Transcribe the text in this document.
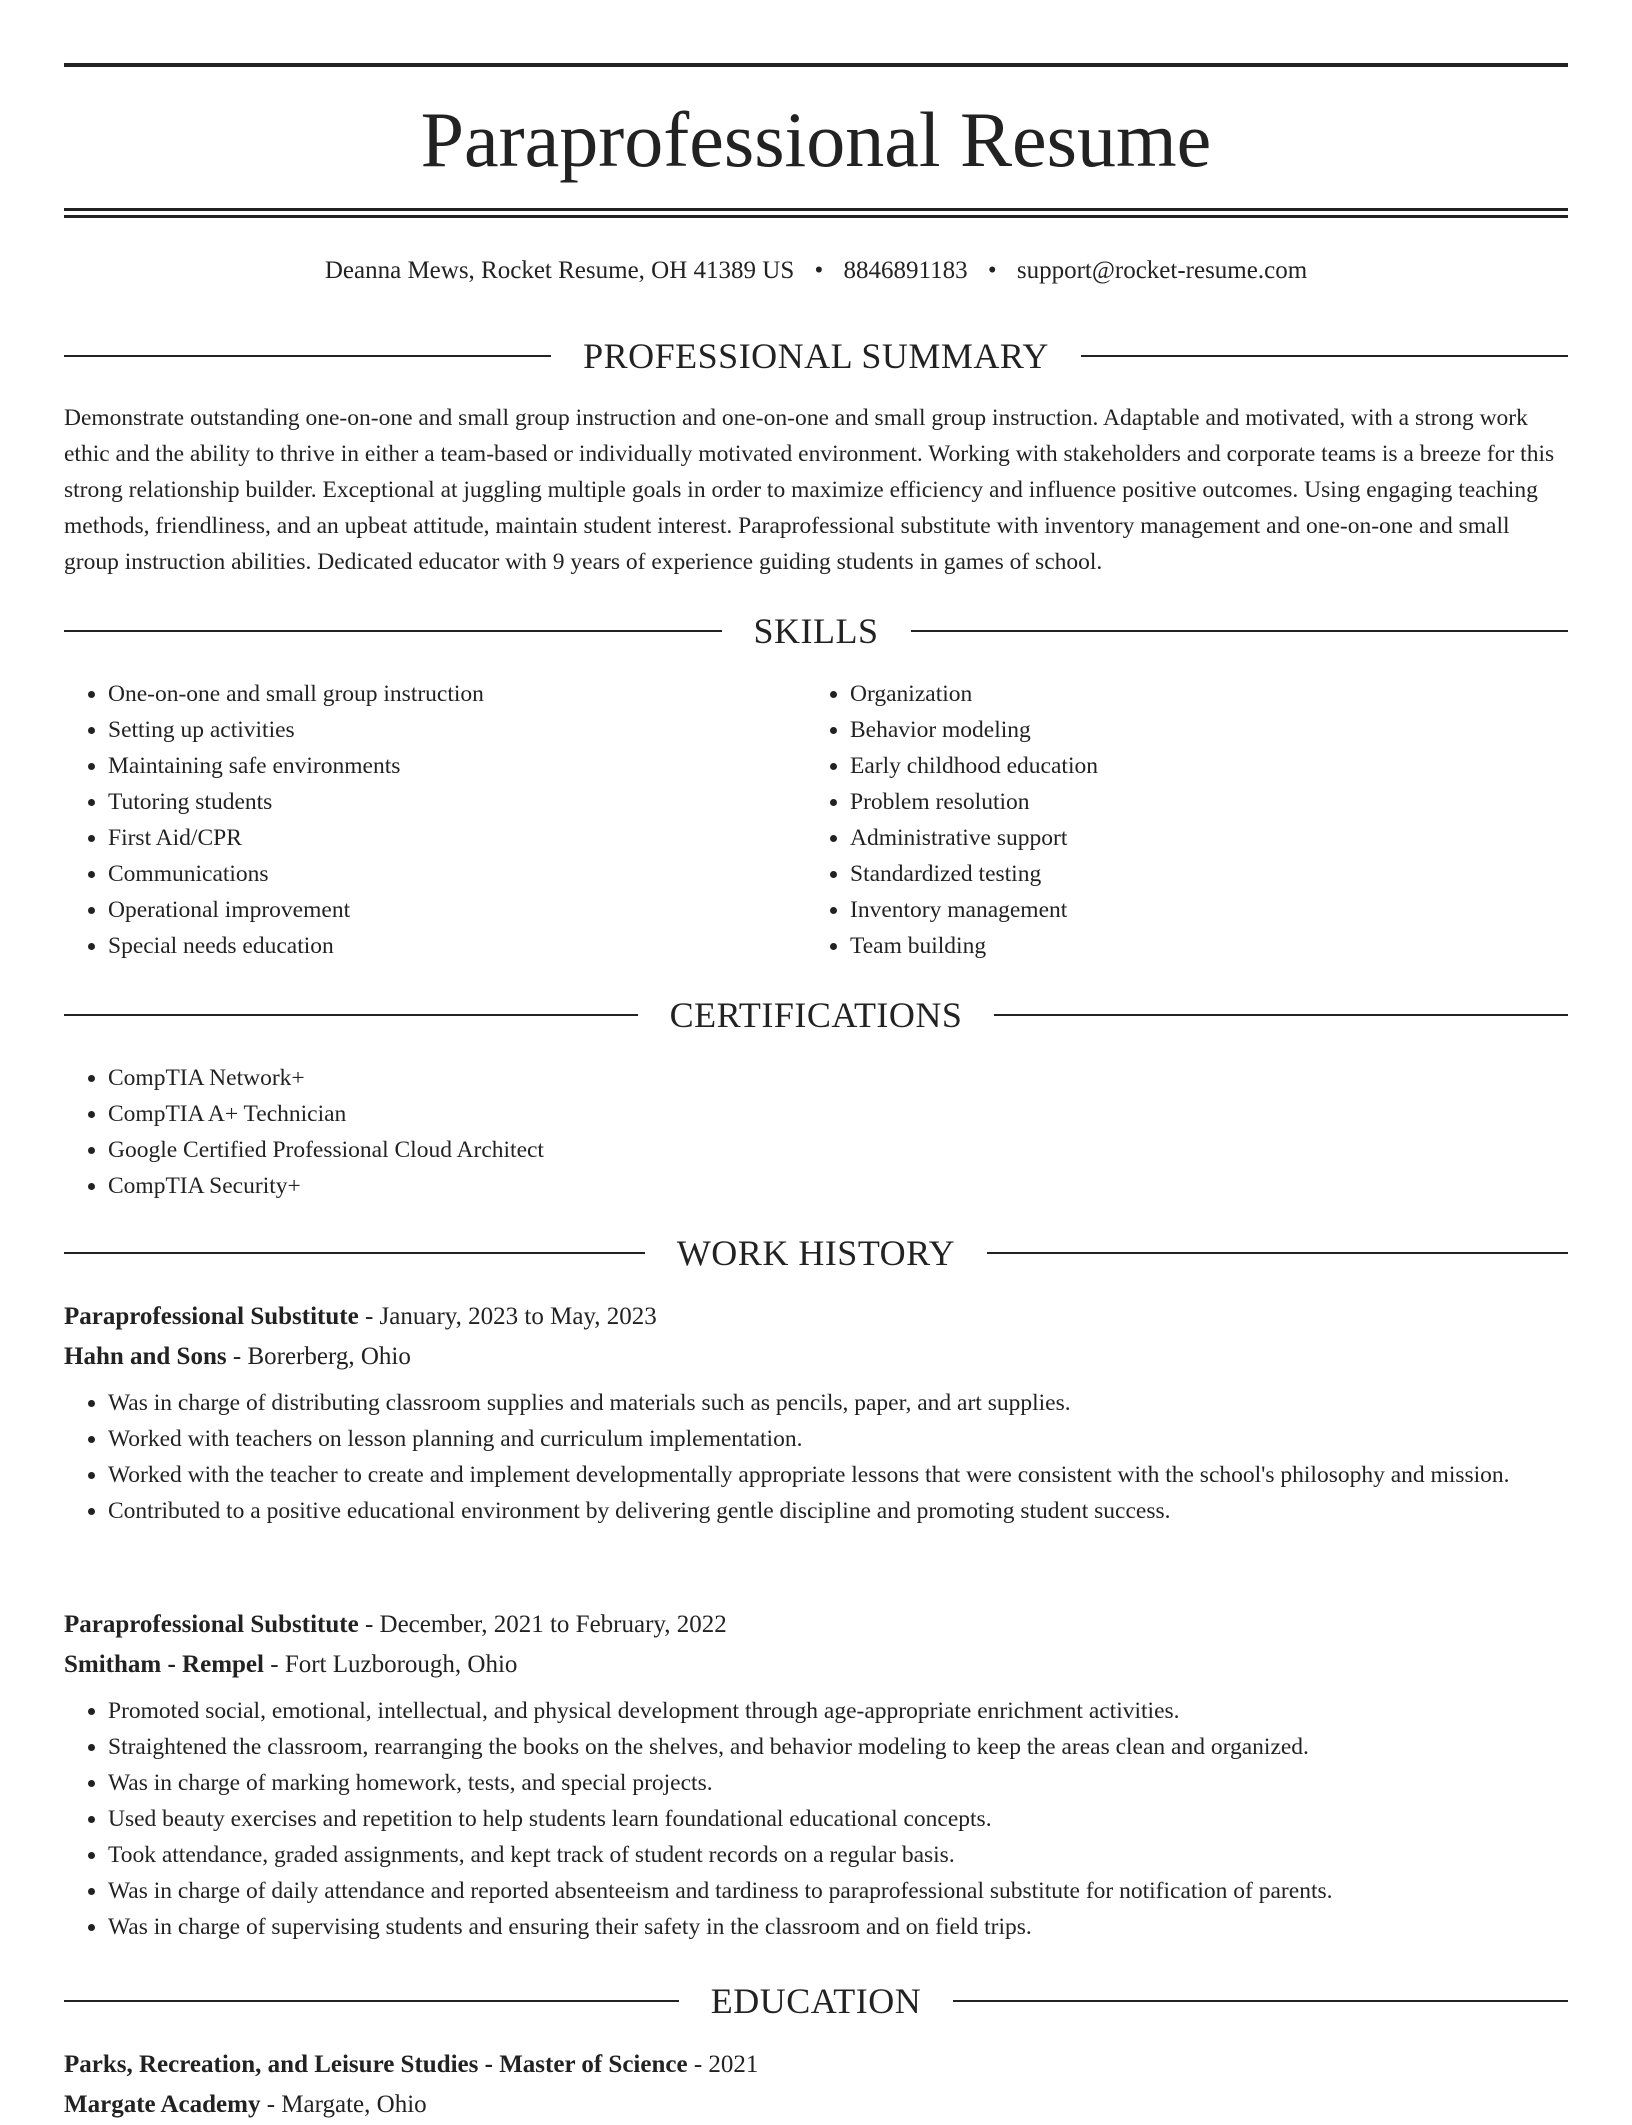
Paraprofessional Resume
Deanna Mews, Rocket Resume, OH 41389 US • 8846891183 • support@rocket-resume.com
PROFESSIONAL SUMMARY

Demonstrate outstanding one-on-one and small group instruction and one-on-one and small group instruction. Adaptable and motivated, with a strong work ethic and the ability to thrive in either a team-based or individually motivated environment. Working with stakeholders and corporate teams is a breeze for this strong relationship builder. Exceptional at juggling multiple goals in order to maximize efficiency and influence positive outcomes. Using engaging teaching methods, friendliness, and an upbeat attitude, maintain student interest. Paraprofessional substitute with inventory management and one-on-one and small group instruction abilities. Dedicated educator with 9 years of experience guiding students in games of school.

SKILLS
• One-on-one and small group instruction
• Setting up activities
• Maintaining safe environments
• Tutoring students
• First Aid/CPR
• Communications
• Operational improvement
• Special needs education
• Organization
• Behavior modeling
• Early childhood education
• Problem resolution
• Administrative support
• Standardized testing
• Inventory management
• Team building
CERTIFICATIONS
• CompTIA Network+
• CompTIA A+ Technician
• Google Certified Professional Cloud Architect
• CompTIA Security+
WORK HISTORY
Paraprofessional Substitute - January, 2023 to May, 2023
Hahn and Sons - Borerberg, Ohio
• Was in charge of distributing classroom supplies and materials such as pencils, paper, and art supplies.
• Worked with teachers on lesson planning and curriculum implementation.
• Worked with the teacher to create and implement developmentally appropriate lessons that were consistent with the school's philosophy and mission.
• Contributed to a positive educational environment by delivering gentle discipline and promoting student success.
Paraprofessional Substitute - December, 2021 to February, 2022
Smitham - Rempel - Fort Luzborough, Ohio
• Promoted social, emotional, intellectual, and physical development through age-appropriate enrichment activities.
• Straightened the classroom, rearranging the books on the shelves, and behavior modeling to keep the areas clean and organized.
• Was in charge of marking homework, tests, and special projects.
• Used beauty exercises and repetition to help students learn foundational educational concepts.
• Took attendance, graded assignments, and kept track of student records on a regular basis.
• Was in charge of daily attendance and reported absenteeism and tardiness to paraprofessional substitute for notification of parents.
• Was in charge of supervising students and ensuring their safety in the classroom and on field trips.
EDUCATION
Parks, Recreation, and Leisure Studies - Master of Science - 2021
Margate Academy - Margate, Ohio
